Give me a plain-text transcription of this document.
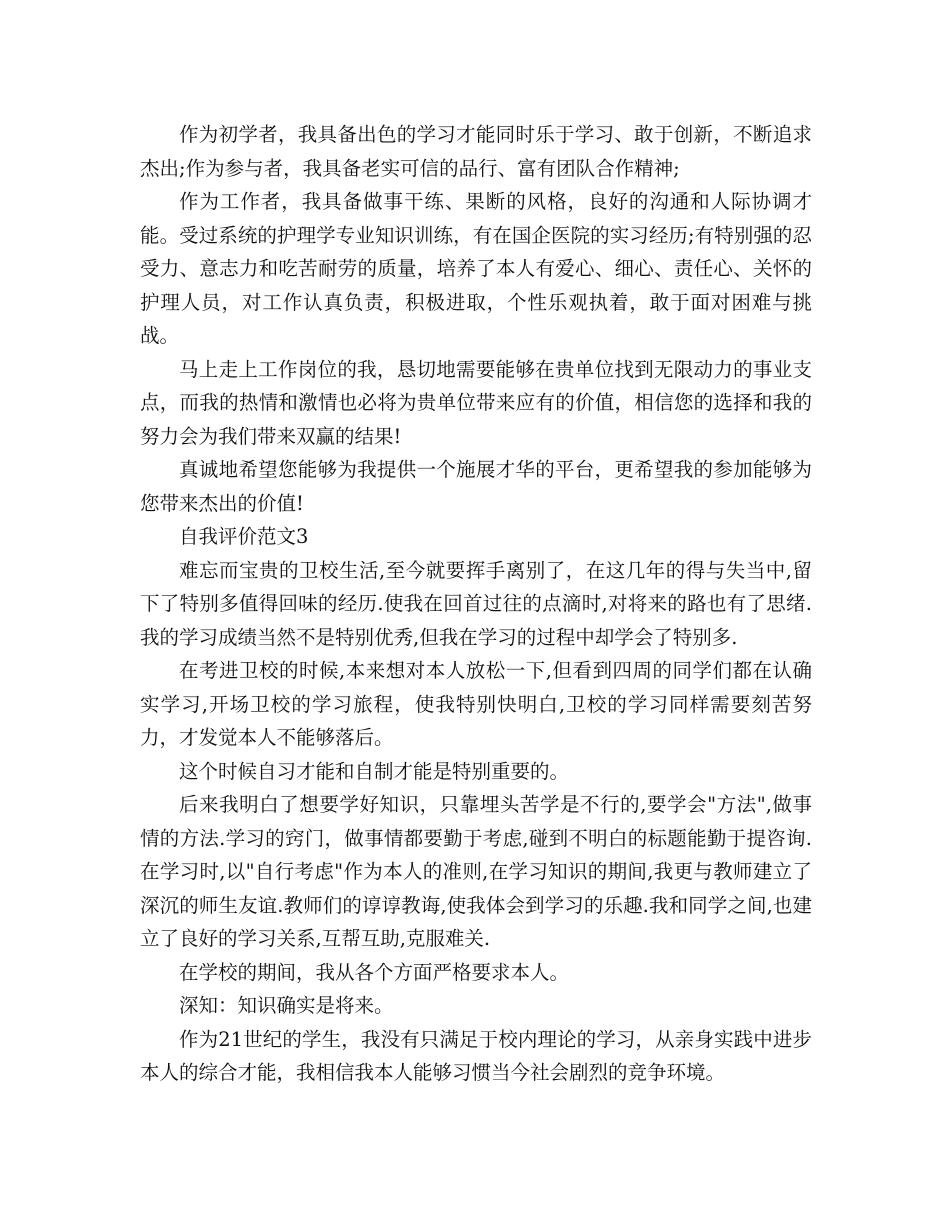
作为初学者，我具备出色的学习才能同时乐于学习、敢于创新，不断追求杰出;作为参与者，我具备老实可信的品行、富有团队合作精神;

作为工作者，我具备做事干练、果断的风格，良好的沟通和人际协调才能。受过系统的护理学专业知识训练，有在国企医院的实习经历;有特别强的忍受力、意志力和吃苦耐劳的质量，培养了本人有爱心、细心、责任心、关怀的护理人员，对工作认真负责，积极进取，个性乐观执着，敢于面对困难与挑战。

马上走上工作岗位的我，恳切地需要能够在贵单位找到无限动力的事业支点，而我的热情和激情也必将为贵单位带来应有的价值，相信您的选择和我的努力会为我们带来双赢的结果!

真诚地希望您能够为我提供一个施展才华的平台，更希望我的参加能够为您带来杰出的价值!

自我评价范文3

难忘而宝贵的卫校生活,至今就要挥手离别了，在这几年的得与失当中,留下了特别多值得回味的经历.使我在回首过往的点滴时,对将来的路也有了思绪.我的学习成绩当然不是特别优秀,但我在学习的过程中却学会了特别多.

在考进卫校的时候,本来想对本人放松一下,但看到四周的同学们都在认确实学习,开场卫校的学习旅程，使我特别快明白,卫校的学习同样需要刻苦努力，才发觉本人不能够落后。

这个时候自习才能和自制才能是特别重要的。

后来我明白了想要学好知识，只靠埋头苦学是不行的,要学会"方法",做事情的方法.学习的窍门，做事情都要勤于考虑,碰到不明白的标题能勤于提咨询.在学习时,以"自行考虑"作为本人的准则,在学习知识的期间,我更与教师建立了深沉的师生友谊.教师们的谆谆教诲,使我体会到学习的乐趣.我和同学之间,也建立了良好的学习关系,互帮互助,克服难关.

在学校的期间，我从各个方面严格要求本人。

深知：知识确实是将来。

作为21世纪的学生，我没有只满足于校内理论的学习，从亲身实践中进步本人的综合才能，我相信我本人能够习惯当今社会剧烈的竞争环境。
